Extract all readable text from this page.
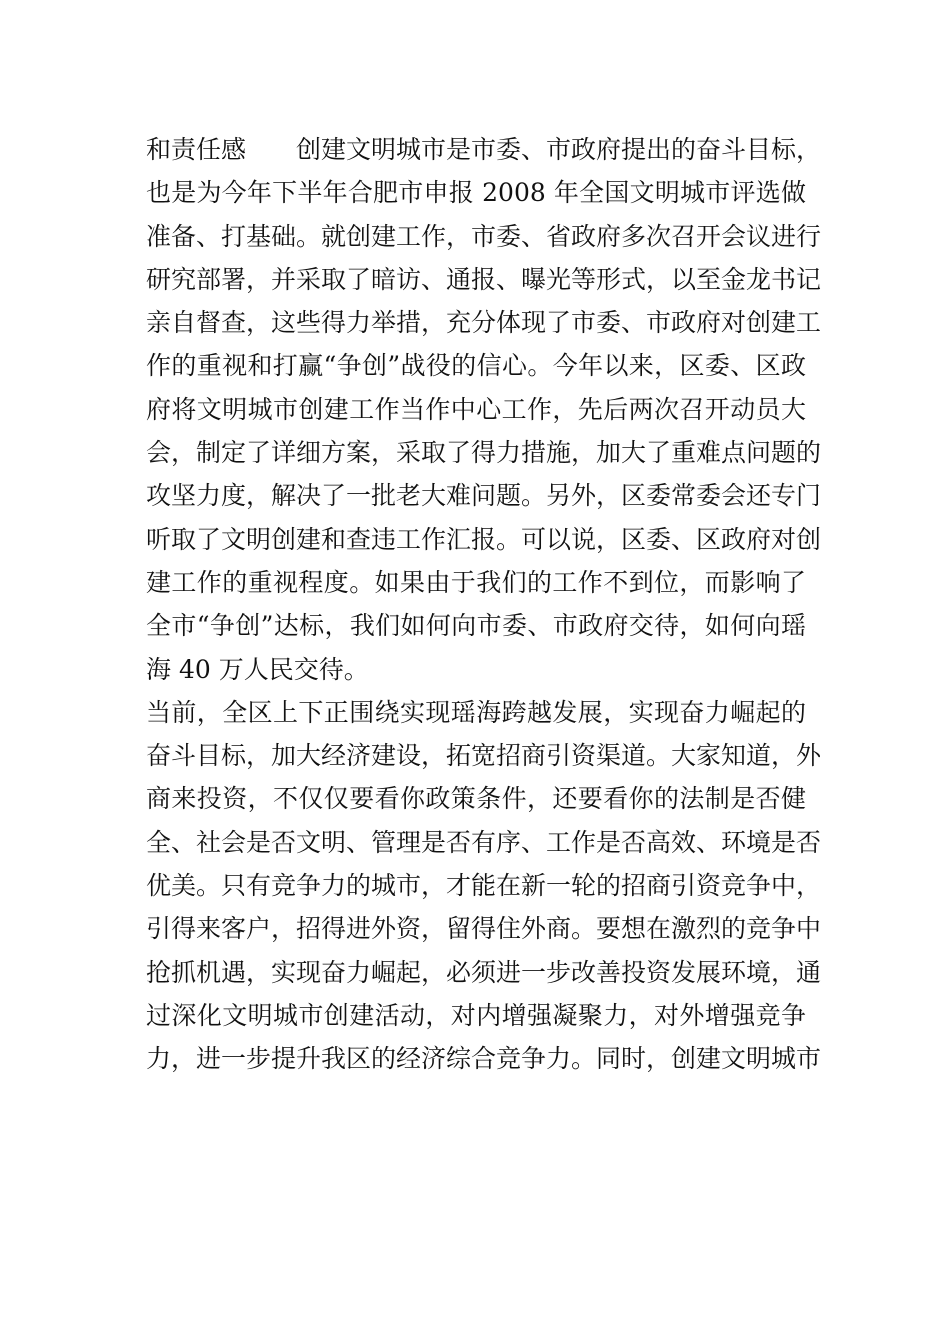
和责任感　　创建文明城市是市委、市政府提出的奋斗目标，
也是为今年下半年合肥市申报 2008 年全国文明城市评选做
准备、打基础。就创建工作，市委、省政府多次召开会议进行
研究部署，并采取了暗访、通报、曝光等形式，以至金龙书记
亲自督查，这些得力举措，充分体现了市委、市政府对创建工
作的重视和打赢“争创”战役的信心。今年以来，区委、区政
府将文明城市创建工作当作中心工作，先后两次召开动员大
会，制定了详细方案，采取了得力措施，加大了重难点问题的
攻坚力度，解决了一批老大难问题。另外，区委常委会还专门
听取了文明创建和查违工作汇报。可以说，区委、区政府对创
建工作的重视程度。如果由于我们的工作不到位，而影响了
全市“争创”达标，我们如何向市委、市政府交待，如何向瑶
海 40 万人民交待。
当前，全区上下正围绕实现瑶海跨越发展，实现奋力崛起的
奋斗目标，加大经济建设，拓宽招商引资渠道。大家知道，外
商来投资，不仅仅要看你政策条件，还要看你的法制是否健
全、社会是否文明、管理是否有序、工作是否高效、环境是否
优美。只有竞争力的城市，才能在新一轮的招商引资竞争中，
引得来客户，招得进外资，留得住外商。要想在激烈的竞争中
抢抓机遇，实现奋力崛起，必须进一步改善投资发展环境，通
过深化文明城市创建活动，对内增强凝聚力，对外增强竞争
力，进一步提升我区的经济综合竞争力。同时，创建文明城市
